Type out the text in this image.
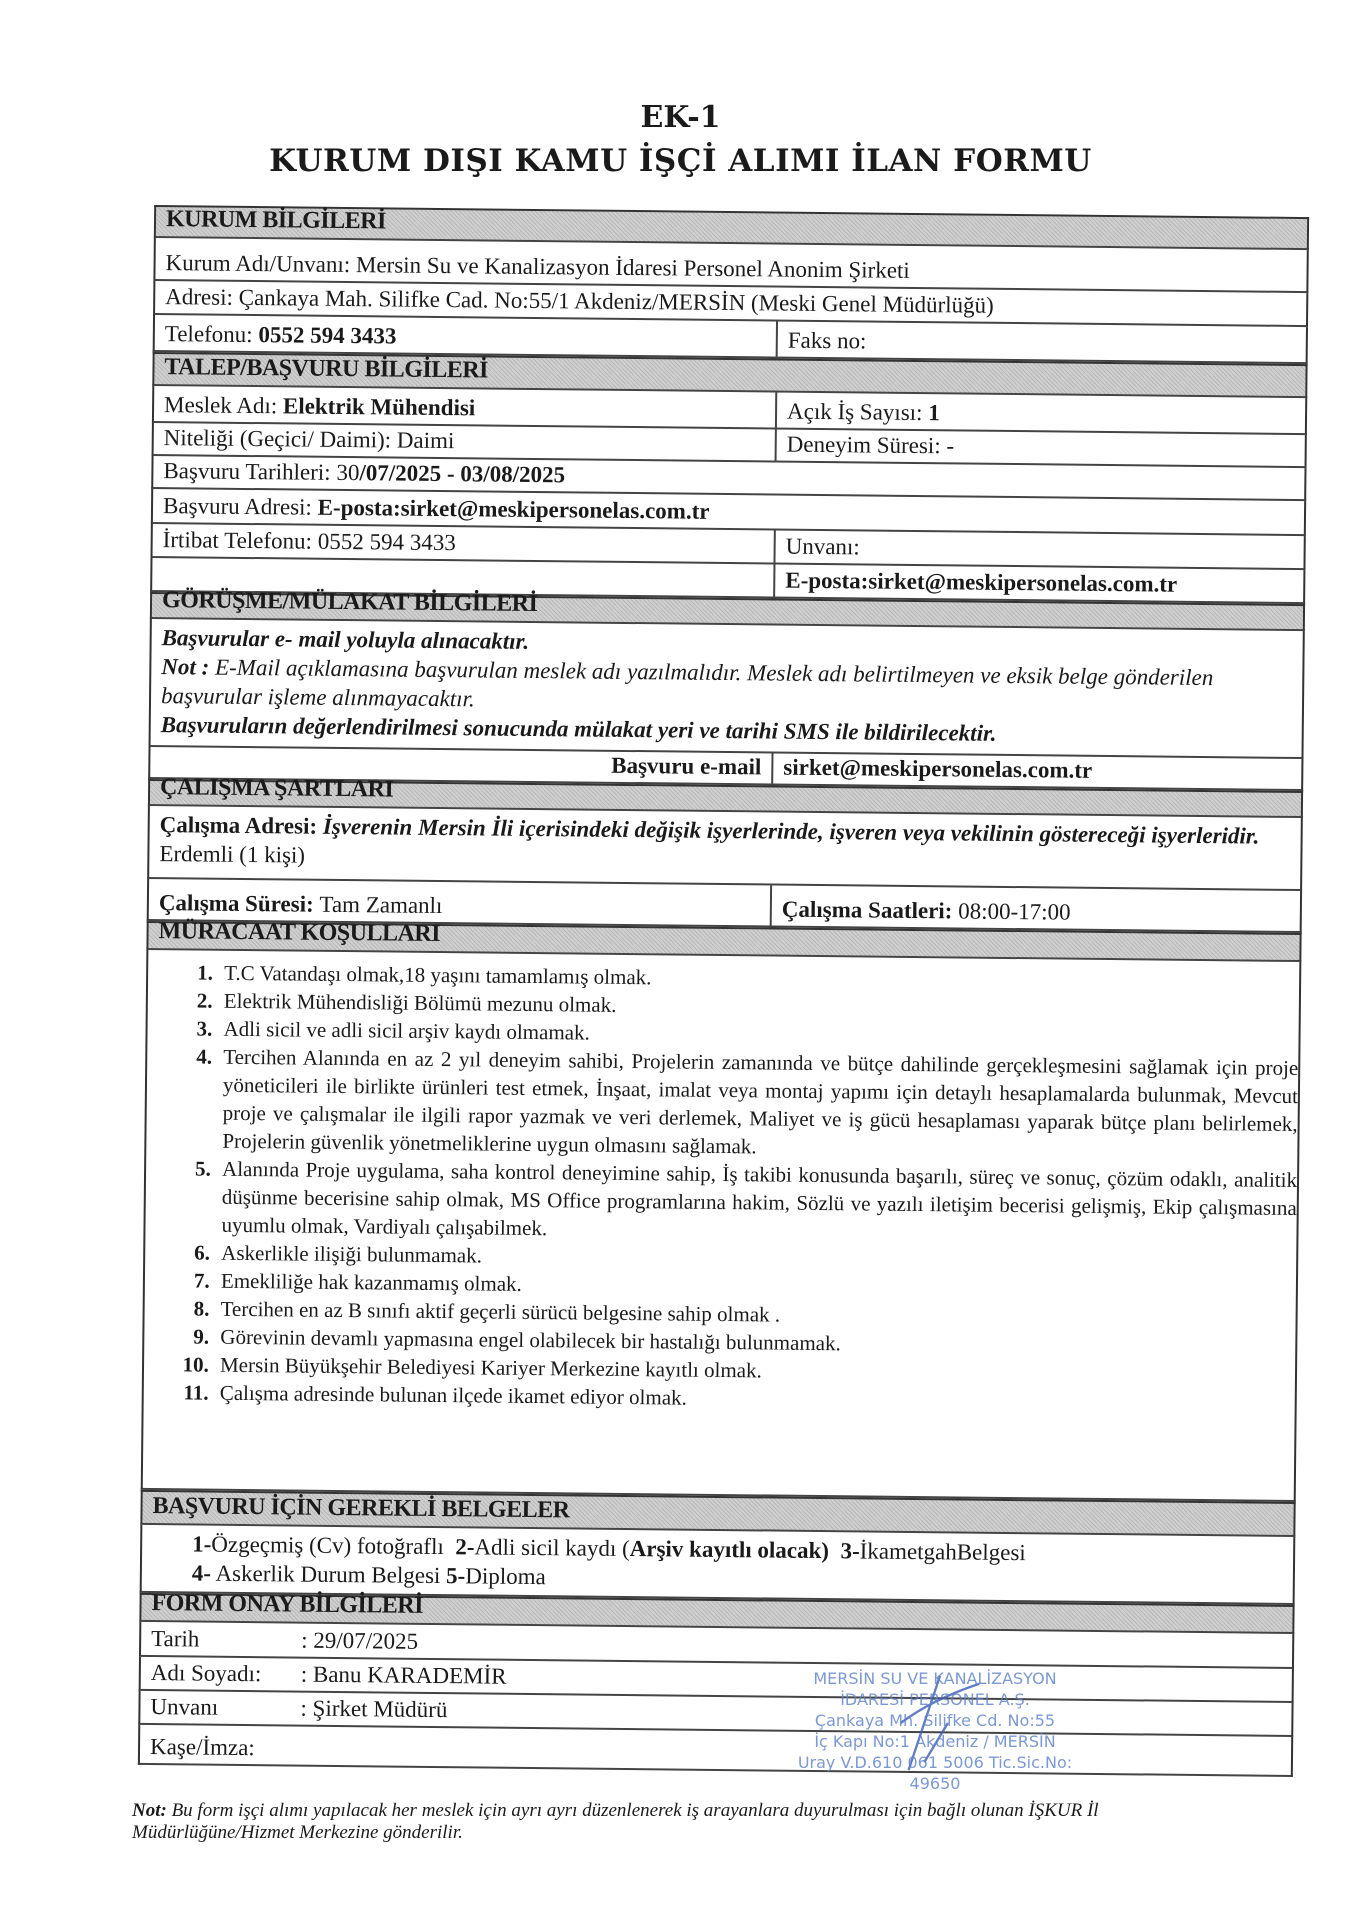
EK-1
KURUM DIŞI KAMU İŞÇİ ALIMI İLAN FORMU
KURUM BİLGİLERİ
Kurum Adı/Unvanı:
Mersin Su ve Kanalizasyon İdaresi Personel Anonim Şirketi
Adresi:
Çankaya Mah. Silifke Cad. No:55/1 Akdeniz/MERSİN (Meski Genel Müdürlüğü)
Telefonu:
0552 594 3433	Faks no:
TALEP/BAŞVURU BİLGİLERİ
Meslek Adı:
Elektrik Mühendisi	Açık İş Sayısı:
1
Niteliği (Geçici/ Daimi):
Daimi	Deneyim Süresi:
-
Başvuru Tarihleri: 30 /07/2025 - 03/08/2025
Başvuru Adresi:
E-posta:sirket@meskipersonelas.com.tr
İrtibat Telefonu:
0552 594 3433	Unvanı:
E-posta:sirket@meskipersonelas.com.tr
GÖRÜŞME/MÜLAKAT BİLGİLERİ

Başvurular e- mail yoluyla alınacaktır.

Not : E-Mail açıklamasına başvurulan meslek adı yazılmalıdır. Meslek adı belirtilmeyen ve eksik belge gönderilen başvurular işleme alınmayacaktır.

Başvuruların değerlendirilmesi sonucunda mülakat yeri ve tarihi SMS ile bildirilecektir.

Başvuru e-mail sirket@meskipersonelas.com.tr
ÇALIŞMA ŞARTLARI

Çalışma Adresi: İşverenin Mersin İli içerisindeki değişik işyerlerinde, işveren veya vekilinin göstereceği işyerleridir.  Erdemli (1 kişi)

Çalışma Süresi:
Tam Zamanlı	Çalışma Saatleri:
08:00-17:00
MÜRACAAT KOŞULLARI
1. T.C Vatandaşı olmak,18 yaşını tamamlamış olmak.
2. Elektrik Mühendisliği Bölümü mezunu olmak.
3. Adli sicil ve adli sicil arşiv kaydı olmamak.
4. Tercihen Alanında en az 2 yıl deneyim sahibi, Projelerin zamanında ve bütçe dahilinde gerçekleşmesini sağlamak için proje yöneticileri ile birlikte ürünleri test etmek, İnşaat, imalat veya montaj yapımı için detaylı hesaplamalarda bulunmak, Mevcut proje ve çalışmalar ile ilgili rapor yazmak ve veri derlemek, Maliyet ve iş gücü hesaplaması yaparak bütçe planı belirlemek, Projelerin güvenlik yönetmeliklerine uygun olmasını sağlamak.
5. Alanında Proje uygulama, saha kontrol deneyimine sahip, İş takibi konusunda başarılı, süreç ve sonuç, çözüm odaklı, analitik düşünme becerisine sahip olmak, MS Office programlarına hakim, Sözlü ve yazılı iletişim becerisi gelişmiş, Ekip çalışmasına uyumlu olmak, Vardiyalı çalışabilmek.
6. Askerlikle ilişiği bulunmamak.
7. Emekliliğe hak kazanmamış olmak.
8. Tercihen en az B sınıfı aktif geçerli sürücü belgesine sahip olmak .
9. Görevinin devamlı yapmasına engel olabilecek bir hastalığı bulunmamak.
10. Mersin Büyükşehir Belediyesi Kariyer Merkezine kayıtlı olmak.
11. Çalışma adresinde bulunan ilçede ikamet ediyor olmak.
BAŞVURU İÇİN GEREKLİ BELGELER

1-Özgeçmiş (Cv) fotoğraflı 2-Adli sicil kaydı (Arşiv kayıtlı olacak) 3-İkametgahBelgesi

4- Askerlik Durum Belgesi 5-Diploma

FORM ONAY BİLGİLERİ
Tarih	: 29/07/2025
Adı Soyadı:	: Banu KARADEMİR
Unvanı	: Şirket Müdürü
Kaşe/İmza:
MERSİN SU VE KANALİZASYON
İDARESİ PERSONEL A.Ş.
Çankaya Mh. Silifke Cd. No:55
İç Kapı No:1 Akdeniz / MERSİN
Uray V.D.610 061 5006 Tic.Sic.No: 49650
Not: Bu form işçi alımı yapılacak her meslek için ayrı ayrı düzenlenerek iş arayanlara duyurulması için bağlı olunan İŞKUR İl Müdürlüğüne/Hizmet Merkezine gönderilir.
